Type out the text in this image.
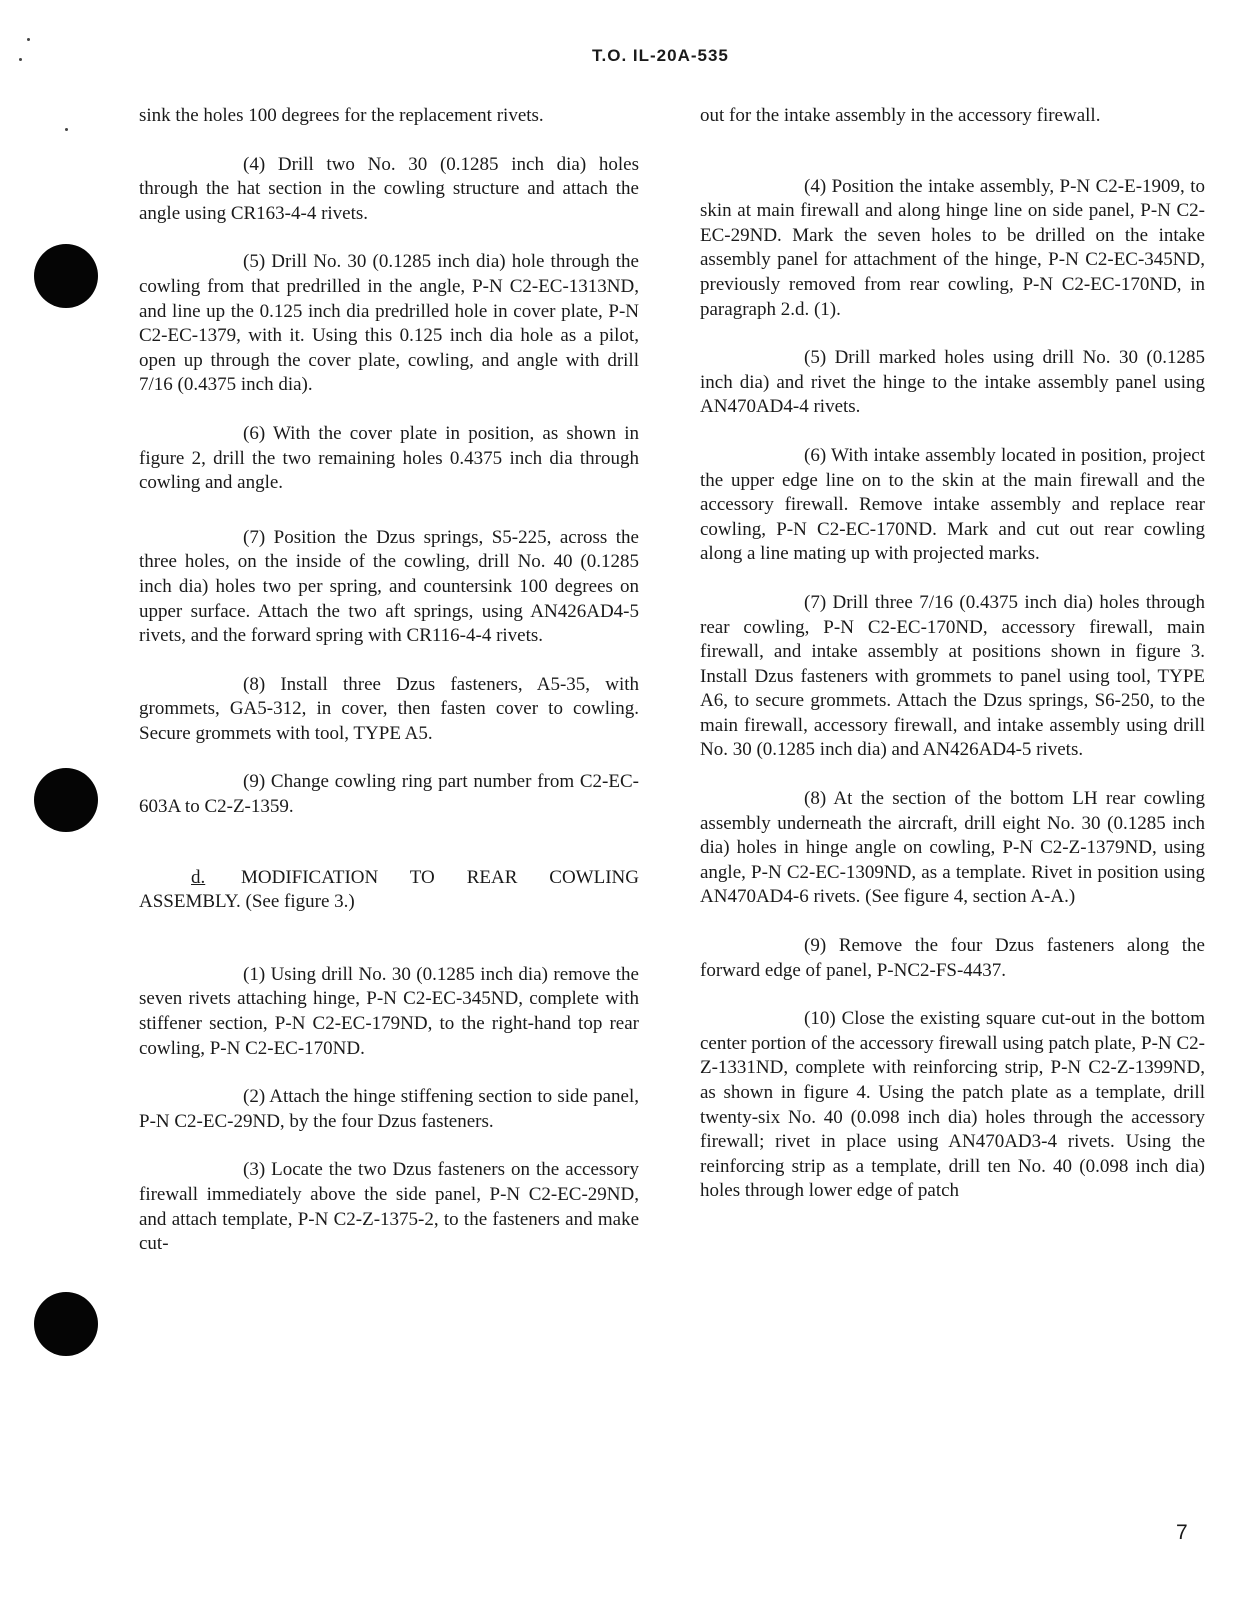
T.O. IL-20A-535

sink the holes 100 degrees for the replacement rivets.

(4) Drill two No. 30 (0.1285 inch dia) holes through the hat section in the cowling structure and attach the angle using CR163-4-4 rivets.

(5) Drill No. 30 (0.1285 inch dia) hole through the cowling from that predrilled in the angle, P-N C2-EC-1313ND, and line up the 0.125 inch dia predrilled hole in cover plate, P-N C2-EC-1379, with it. Using this 0.125 inch dia hole as a pilot, open up through the cover plate, cowling, and angle with drill 7/16 (0.4375 inch dia).

(6) With the cover plate in position, as shown in figure 2, drill the two remaining holes 0.4375 inch dia through cowling and angle.

(7) Position the Dzus springs, S5-225, across the three holes, on the inside of the cowling, drill No. 40 (0.1285 inch dia) holes two per spring, and countersink 100 degrees on upper surface. Attach the two aft springs, using AN426AD4-5 rivets, and the forward spring with CR116-4-4 rivets.

(8) Install three Dzus fasteners, A5-35, with grommets, GA5-312, in cover, then fasten cover to cowling. Secure grommets with tool, TYPE A5.

(9) Change cowling ring part number from C2-EC-603A to C2-Z-1359.

d. MODIFICATION TO REAR COWLING ASSEMBLY. (See figure 3.)

(1) Using drill No. 30 (0.1285 inch dia) remove the seven rivets attaching hinge, P-N C2-EC-345ND, complete with stiffener section, P-N C2-EC-179ND, to the right-hand top rear cowling, P-N C2-EC-170ND.

(2) Attach the hinge stiffening section to side panel, P-N C2-EC-29ND, by the four Dzus fasteners.

(3) Locate the two Dzus fasteners on the accessory firewall immediately above the side panel, P-N C2-EC-29ND, and attach template, P-N C2-Z-1375-2, to the fasteners and make cut-

out for the intake assembly in the accessory firewall.

(4) Position the intake assembly, P-N C2-E-1909, to skin at main firewall and along hinge line on side panel, P-N C2-EC-29ND. Mark the seven holes to be drilled on the intake assembly panel for attachment of the hinge, P-N C2-EC-345ND, previously removed from rear cowling, P-N C2-EC-170ND, in paragraph 2.d. (1).

(5) Drill marked holes using drill No. 30 (0.1285 inch dia) and rivet the hinge to the intake assembly panel using AN470AD4-4 rivets.

(6) With intake assembly located in position, project the upper edge line on to the skin at the main firewall and the accessory firewall. Remove intake assembly and replace rear cowling, P-N C2-EC-170ND. Mark and cut out rear cowling along a line mating up with projected marks.

(7) Drill three 7/16 (0.4375 inch dia) holes through rear cowling, P-N C2-EC-170ND, accessory firewall, main firewall, and intake assembly at positions shown in figure 3. Install Dzus fasteners with grommets to panel using tool, TYPE A6, to secure grommets. Attach the Dzus springs, S6-250, to the main firewall, accessory firewall, and intake assembly using drill No. 30 (0.1285 inch dia) and AN426AD4-5 rivets.

(8) At the section of the bottom LH rear cowling assembly underneath the aircraft, drill eight No. 30 (0.1285 inch dia) holes in hinge angle on cowling, P-N C2-Z-1379ND, using angle, P-N C2-EC-1309ND, as a template. Rivet in position using AN470AD4-6 rivets. (See figure 4, section A-A.)

(9) Remove the four Dzus fasteners along the forward edge of panel, P-NC2-FS-4437.

(10) Close the existing square cut-out in the bottom center portion of the accessory firewall using patch plate, P-N C2-Z-1331ND, complete with reinforcing strip, P-N C2-Z-1399ND, as shown in figure 4. Using the patch plate as a template, drill twenty-six No. 40 (0.098 inch dia) holes through the accessory firewall; rivet in place using AN470AD3-4 rivets. Using the reinforcing strip as a template, drill ten No. 40 (0.098 inch dia) holes through lower edge of patch

7
